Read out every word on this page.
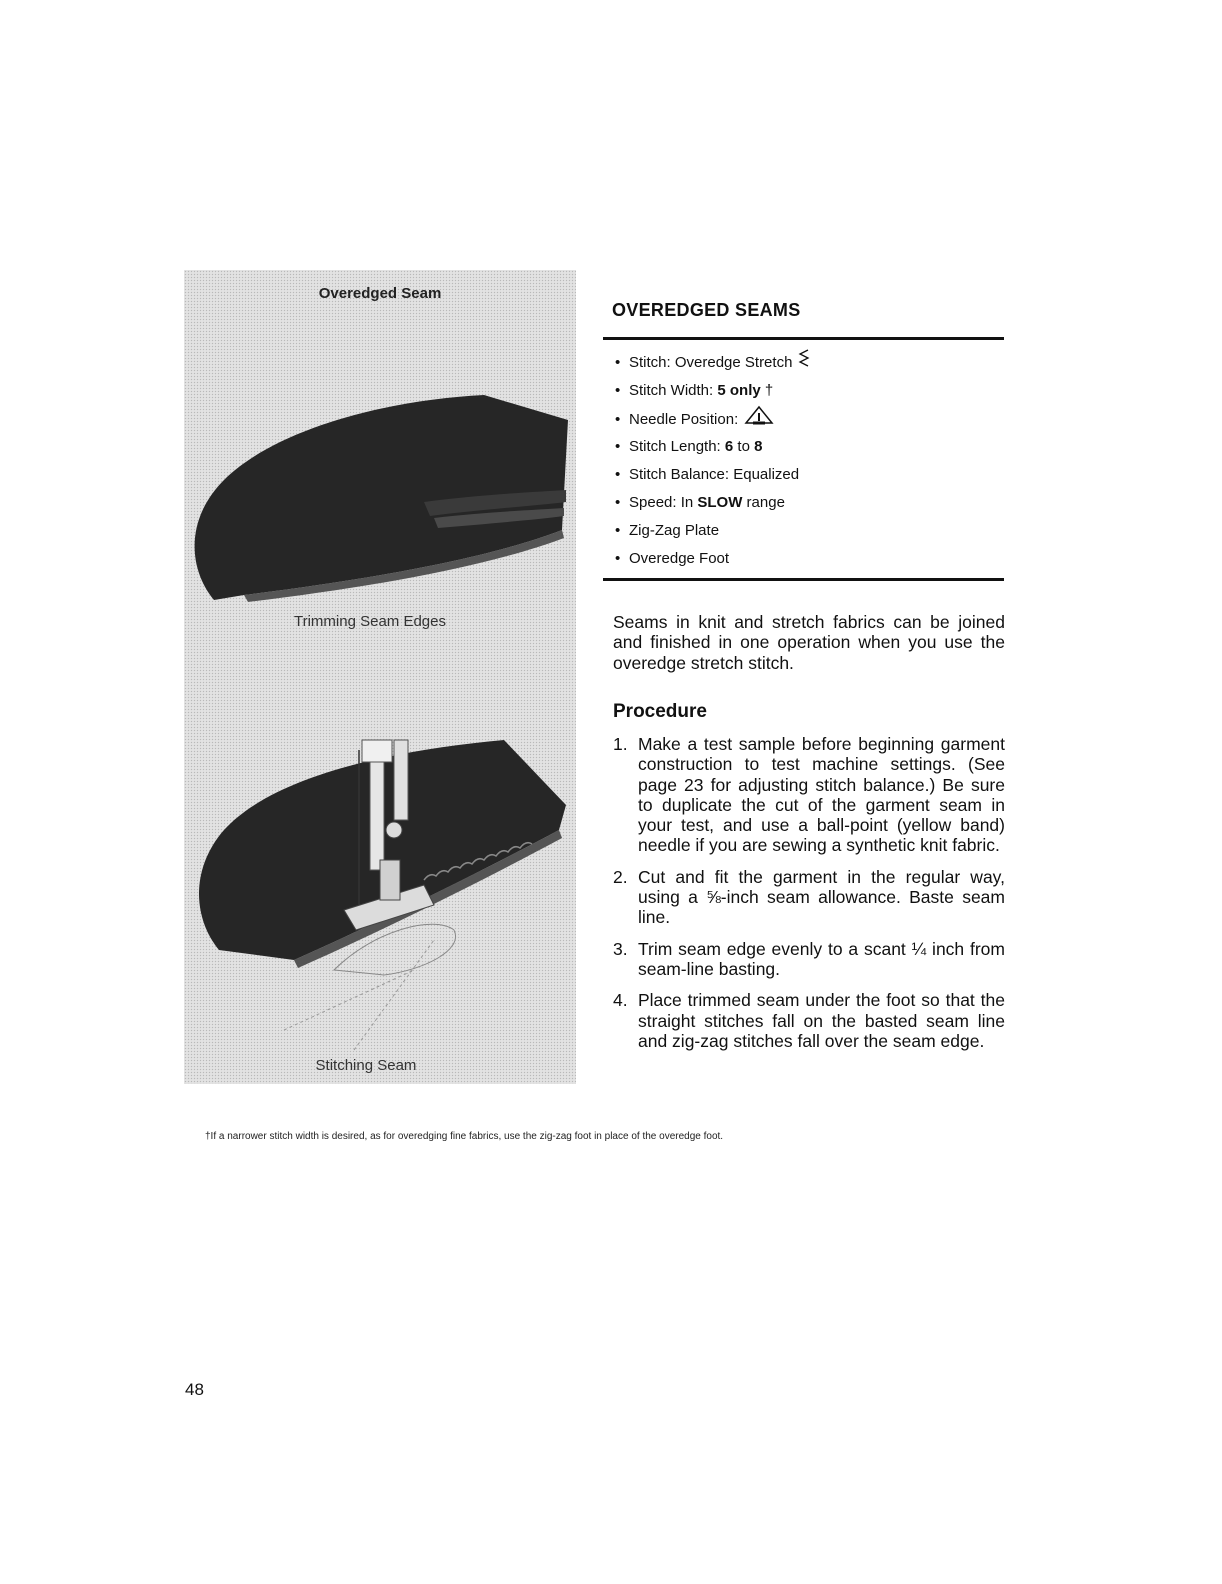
Overedged Seam
Trimming Seam Edges
Stitching Seam
OVEREDGED SEAMS
• Stitch: Overedge Stretch
• Stitch Width: 5 only †
• Needle Position:
• Stitch Length: 6 to 8
• Stitch Balance: Equalized
• Speed: In SLOW range
• Zig-Zag Plate
• Overedge Foot

Seams in knit and stretch fabrics can be joined and finished in one operation when you use the overedge stretch stitch.

Procedure
1. Make a test sample before beginning garment construction to test machine settings. (See page 23 for adjusting stitch balance.) Be sure to duplicate the cut of the garment seam in your test, and use a ball-point (yellow band) needle if you are sewing a synthetic knit fabric.
2. Cut and fit the garment in the regular way, using a ⅝-inch seam allowance. Baste seam line.
3. Trim seam edge evenly to a scant ¼ inch from seam-line basting.
4. Place trimmed seam under the foot so that the straight stitches fall on the basted seam line and zig-zag stitches fall over the seam edge.
†If a narrower stitch width is desired, as for overedging fine fabrics, use the zig-zag foot in place of the overedge foot.
48
